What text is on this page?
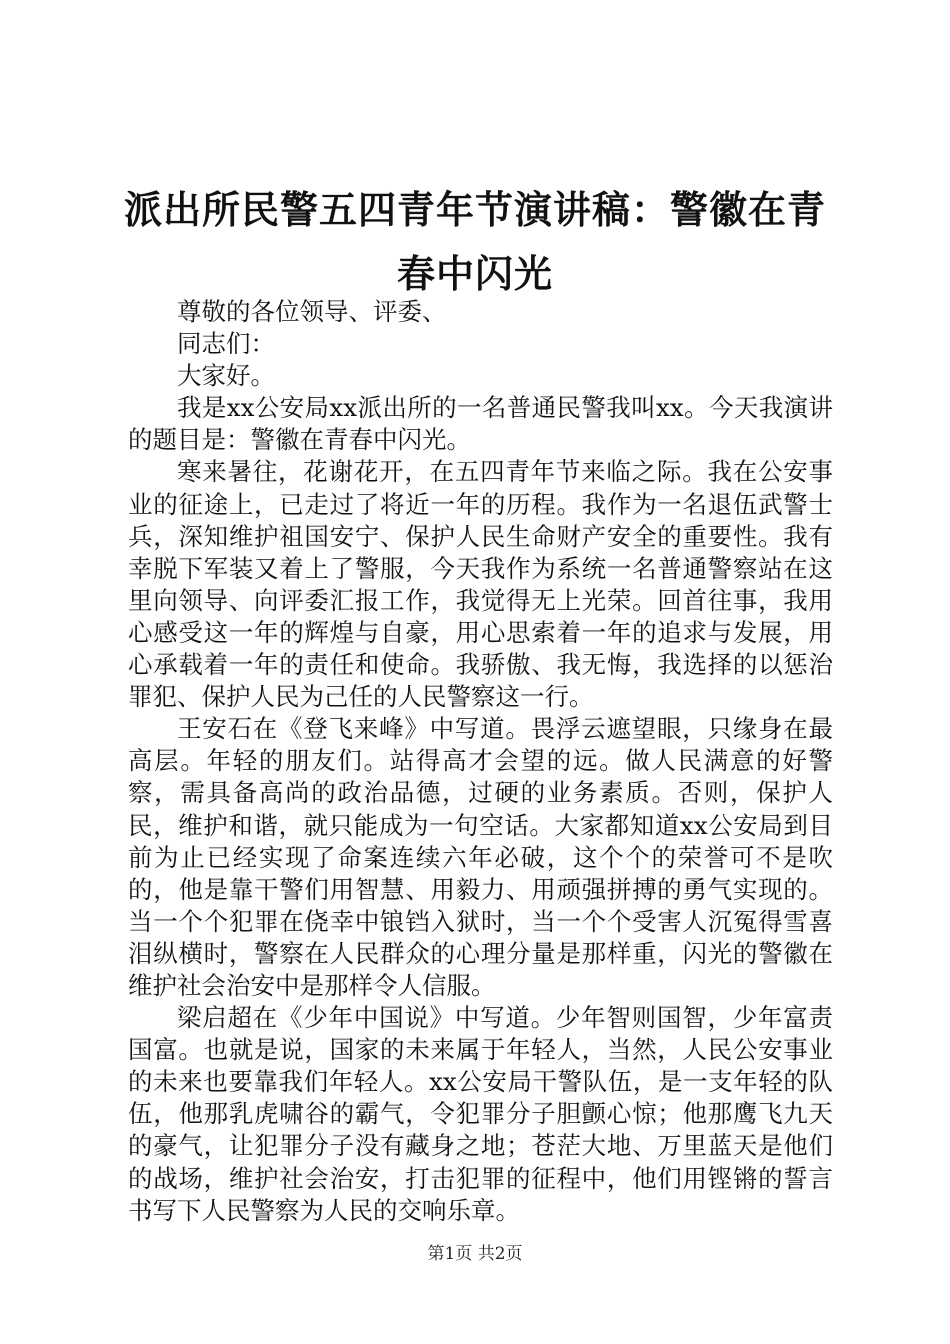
派出所民警五四青年节演讲稿：警徽在青春中闪光

尊敬的各位领导、评委、

同志们：

大家好。

我是xx公安局xx派出所的一名普通民警我叫xx。今天我演讲的题目是：警徽在青春中闪光。

寒来暑往，花谢花开，在五四青年节来临之际。我在公安事业的征途上，已走过了将近一年的历程。我作为一名退伍武警士兵，深知维护祖国安宁、保护人民生命财产安全的重要性。我有幸脱下军装又着上了警服，今天我作为系统一名普通警察站在这里向领导、向评委汇报工作，我觉得无上光荣。回首往事，我用心感受这一年的辉煌与自豪，用心思索着一年的追求与发展，用心承载着一年的责任和使命。我骄傲、我无悔，我选择的以惩治罪犯、保护人民为己任的人民警察这一行。

王安石在《登飞来峰》中写道。畏浮云遮望眼，只缘身在最高层。年轻的朋友们。站得高才会望的远。做人民满意的好警察，需具备高尚的政治品德，过硬的业务素质。否则，保护人民，维护和谐，就只能成为一句空话。大家都知道xx公安局到目前为止已经实现了命案连续六年必破，这个个的荣誉可不是吹的，他是靠干警们用智慧、用毅力、用顽强拼搏的勇气实现的。当一个个犯罪在侥幸中锒铛入狱时，当一个个受害人沉冤得雪喜泪纵横时，警察在人民群众的心理分量是那样重，闪光的警徽在维护社会治安中是那样令人信服。

梁启超在《少年中国说》中写道。少年智则国智，少年富责国富。也就是说，国家的未来属于年轻人，当然，人民公安事业的未来也要靠我们年轻人。xx公安局干警队伍，是一支年轻的队伍，他那乳虎啸谷的霸气，令犯罪分子胆颤心惊；他那鹰飞九天的豪气，让犯罪分子没有藏身之地；苍茫大地、万里蓝天是他们的战场，维护社会治安，打击犯罪的征程中，他们用铿锵的誓言书写下人民警察为人民的交响乐章。

第1页 共2页
